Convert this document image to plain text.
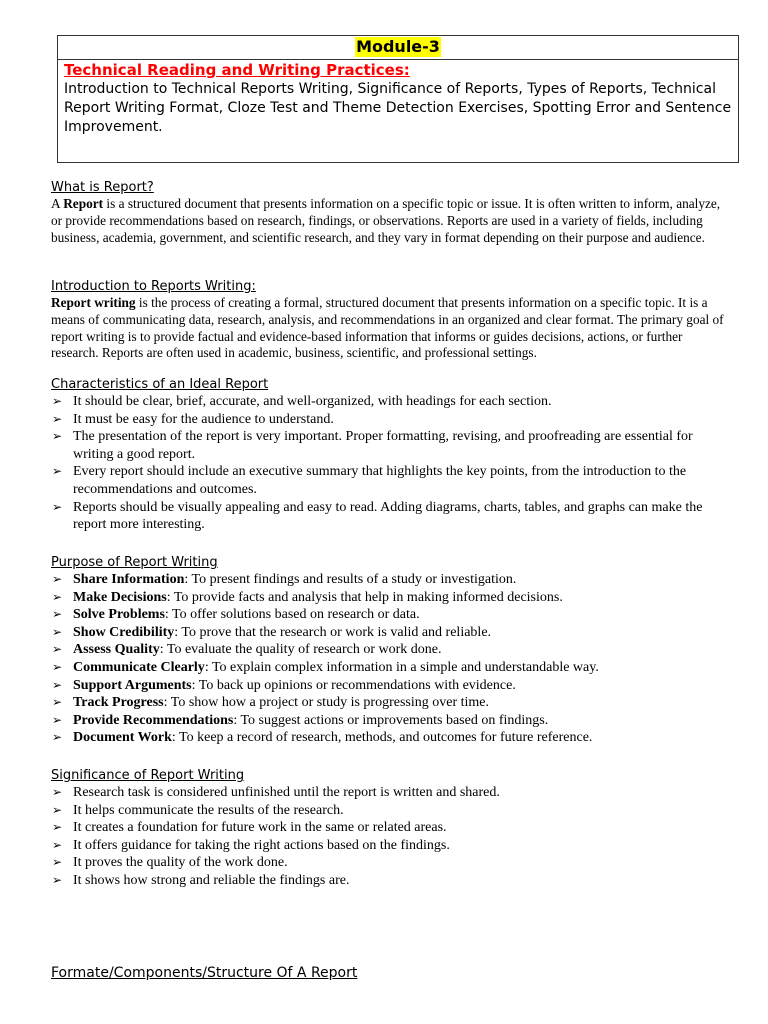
Module-3
Technical Reading and Writing Practices:
Introduction to Technical Reports Writing, Significance of Reports, Types of Reports, Technical Report Writing Format, Cloze Test and Theme Detection Exercises, Spotting Error and Sentence Improvement.

What is Report?

A Report is a structured document that presents information on a specific topic or issue. It is often written to inform, analyze, or provide recommendations based on research, findings, or observations. Reports are used in a variety of fields, including business, academia, government, and scientific research, and they vary in format depending on their purpose and audience.

Introduction to Reports Writing:

Report writing is the process of creating a formal, structured document that presents information on a specific topic. It is a means of communicating data, research, analysis, and recommendations in an organized and clear format. The primary goal of report writing is to provide factual and evidence-based information that informs or guides decisions, actions, or further research. Reports are often used in academic, business, scientific, and professional settings.

Characteristics of an Ideal Report

➢ It should be clear, brief, accurate, and well-organized, with headings for each section.
➢ It must be easy for the audience to understand.
➢ The presentation of the report is very important. Proper formatting, revising, and proofreading are essential for writing a good report.
➢ Every report should include an executive summary that highlights the key points, from the introduction to the recommendations and outcomes.
➢ Reports should be visually appealing and easy to read. Adding diagrams, charts, tables, and graphs can make the report more interesting.

Purpose of Report Writing

➢ Share Information: To present findings and results of a study or investigation.
➢ Make Decisions: To provide facts and analysis that help in making informed decisions.
➢ Solve Problems: To offer solutions based on research or data.
➢ Show Credibility: To prove that the research or work is valid and reliable.
➢ Assess Quality: To evaluate the quality of research or work done.
➢ Communicate Clearly: To explain complex information in a simple and understandable way.
➢ Support Arguments: To back up opinions or recommendations with evidence.
➢ Track Progress: To show how a project or study is progressing over time.
➢ Provide Recommendations: To suggest actions or improvements based on findings.
➢ Document Work: To keep a record of research, methods, and outcomes for future reference.

Significance of Report Writing

➢ Research task is considered unfinished until the report is written and shared.
➢ It helps communicate the results of the research.
➢ It creates a foundation for future work in the same or related areas.
➢ It offers guidance for taking the right actions based on the findings.
➢ It proves the quality of the work done.
➢ It shows how strong and reliable the findings are.
Formate/Components/Structure Of A Report
